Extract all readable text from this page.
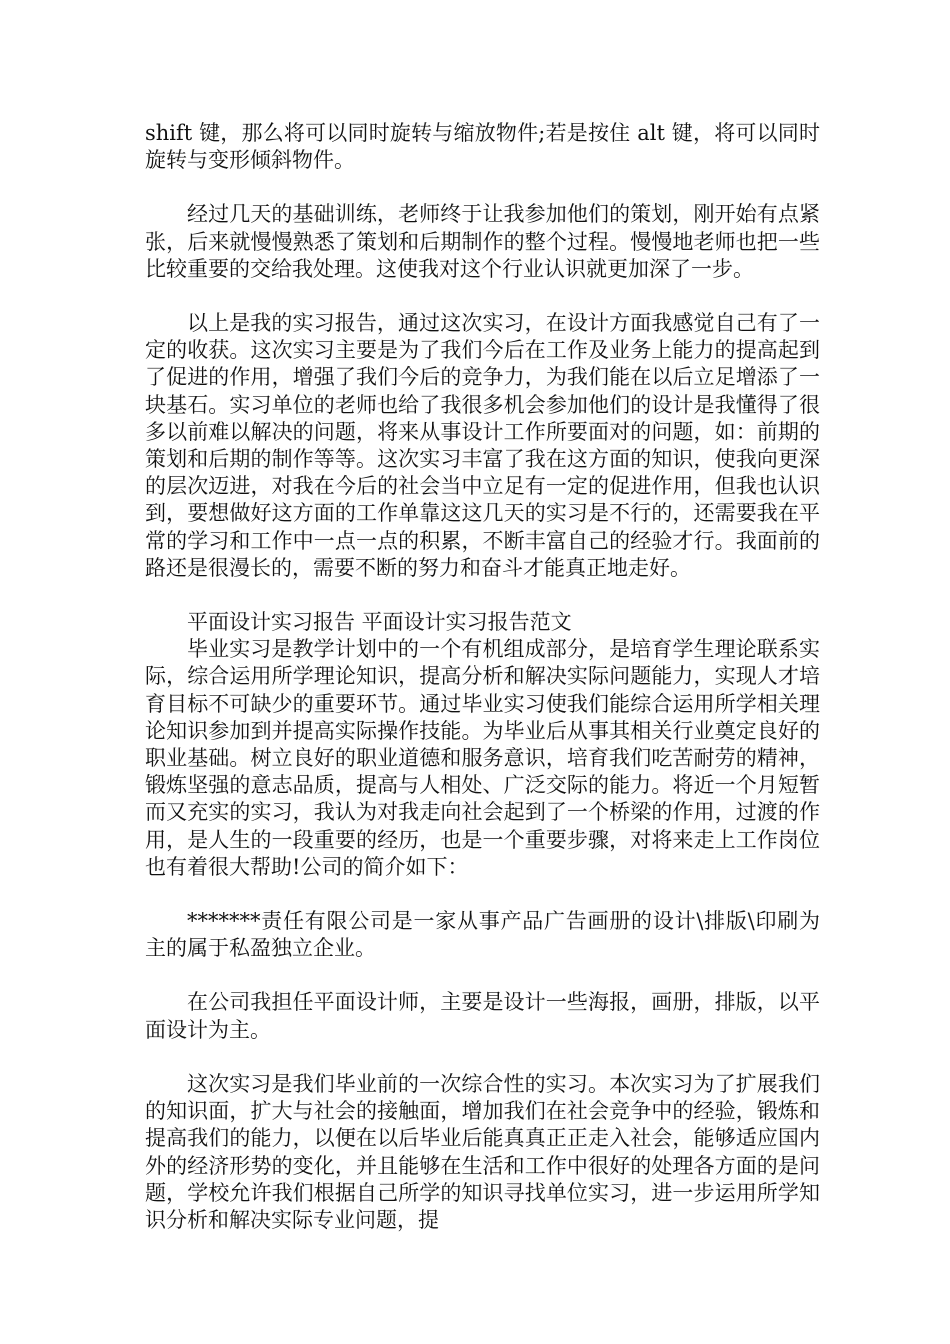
shift 键，那么将可以同时旋转与缩放物件;若是按住 alt 键，将可以同时旋转与变形倾斜物件。

经过几天的基础训练，老师终于让我参加他们的策划，刚开始有点紧张，后来就慢慢熟悉了策划和后期制作的整个过程。慢慢地老师也把一些比较重要的交给我处理。这使我对这个行业认识就更加深了一步。

以上是我的实习报告，通过这次实习，在设计方面我感觉自己有了一定的收获。这次实习主要是为了我们今后在工作及业务上能力的提高起到了促进的作用，增强了我们今后的竞争力，为我们能在以后立足增添了一块基石。实习单位的老师也给了我很多机会参加他们的设计是我懂得了很多以前难以解决的问题，将来从事设计工作所要面对的问题，如：前期的策划和后期的制作等等。这次实习丰富了我在这方面的知识，使我向更深的层次迈进，对我在今后的社会当中立足有一定的促进作用，但我也认识到，要想做好这方面的工作单靠这这几天的实习是不行的，还需要我在平常的学习和工作中一点一点的积累，不断丰富自己的经验才行。我面前的路还是很漫长的，需要不断的努力和奋斗才能真正地走好。

平面设计实习报告 平面设计实习报告范文

毕业实习是教学计划中的一个有机组成部分，是培育学生理论联系实际，综合运用所学理论知识，提高分析和解决实际问题能力，实现人才培育目标不可缺少的重要环节。通过毕业实习使我们能综合运用所学相关理论知识参加到并提高实际操作技能。为毕业后从事其相关行业奠定良好的职业基础。树立良好的职业道德和服务意识，培育我们吃苦耐劳的精神，锻炼坚强的意志品质，提高与人相处、广泛交际的能力。将近一个月短暂而又充实的实习，我认为对我走向社会起到了一个桥梁的作用，过渡的作用，是人生的一段重要的经历，也是一个重要步骤，对将来走上工作岗位也有着很大帮助!公司的简介如下：

*******责任有限公司是一家从事产品广告画册的设计\排版\印刷为主的属于私盈独立企业。

在公司我担任平面设计师，主要是设计一些海报，画册，排版，以平面设计为主。

这次实习是我们毕业前的一次综合性的实习。本次实习为了扩展我们的知识面，扩大与社会的接触面，增加我们在社会竞争中的经验，锻炼和提高我们的能力，以便在以后毕业后能真真正正走入社会，能够适应国内外的经济形势的变化，并且能够在生活和工作中很好的处理各方面的是问题，学校允许我们根据自己所学的知识寻找单位实习，进一步运用所学知识分析和解决实际专业问题，提
